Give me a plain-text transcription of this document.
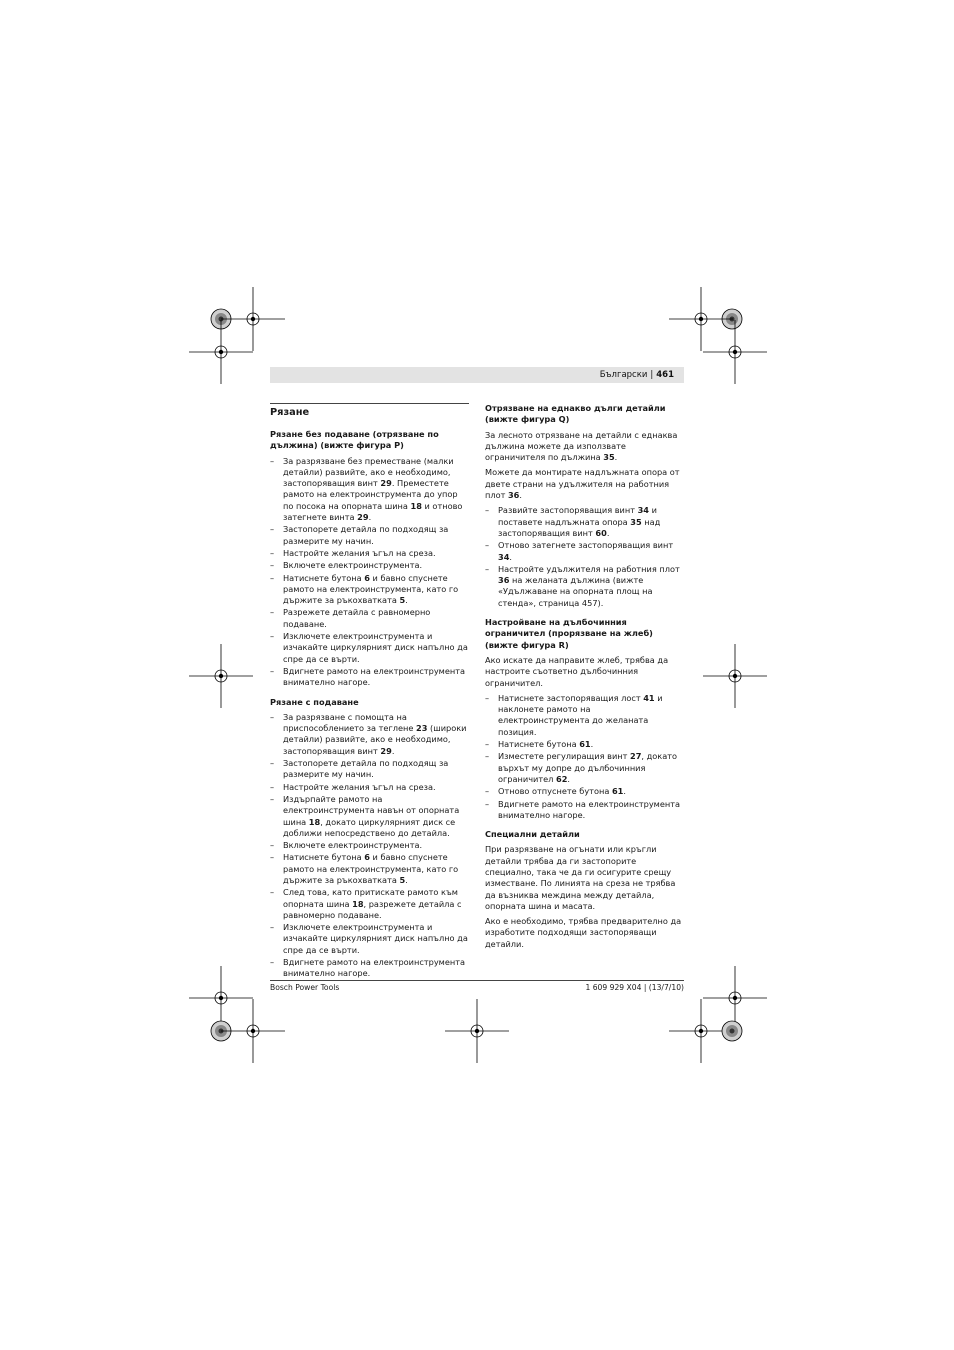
Български | 461
Рязане
Рязане без подаване (отрязване по дължина) (вижте фигура P)
– За разрязване без преместване (малки детайли) развийте, ако е необходимо, застопоряващия винт 29. Преместете рамото на електроинструмента до упор по посока на опорната шина 18 и отново затегнете винта 29.
– Застопорете детайла по подходящ за размерите му начин.
– Настройте желания ъгъл на среза.
– Включете електроинструмента.
– Натиснете бутона 6 и бавно спуснете рамото на електроинструмента, като го държите за ръкохватката 5.
– Разрежете детайла с равномерно подаване.
– Изключете електроинструмента и изчакайте циркулярният диск напълно да спре да се върти.
– Вдигнете рамото на електроинструмента внимателно нагоре.
Рязане с подаване
– За разрязване с помощта на приспособлението за теглене 23 (широки детайли) развийте, ако е необходимо, застопоряващия винт 29.
– Застопорете детайла по подходящ за размерите му начин.
– Настройте желания ъгъл на среза.
– Издърпайте рамото на електроинструмента навън от опорната шина 18, докато циркулярният диск се доближи непосредствено до детайла.
– Включете електроинструмента.
– Натиснете бутона 6 и бавно спуснете рамото на електроинструмента, като го държите за ръкохватката 5.
– След това, като притискате рамото към опорната шина 18, разрежете детайла с равномерно подаване.
– Изключете електроинструмента и изчакайте циркулярният диск напълно да спре да се върти.
– Вдигнете рамото на електроинструмента внимателно нагоре.
Отрязване на еднакво дълги детайли (вижте фигура Q)
За лесното отрязване на детайли с еднаква дължина можете да използвате ограничителя по дължина 35.
Можете да монтирате надлъжната опора от двете страни на удължителя на работния плот 36.
– Развийте застопоряващия винт 34 и поставете надлъжната опора 35 над застопоряващия винт 60.
– Отново затегнете застопоряващия винт 34.
– Настройте удължителя на работния плот 36 на желаната дължина (вижте «Удължаване на опорната площ на стенда», страница 457).
Настройване на дълбочинния ограничител (прорязване на жлеб) (вижте фигура R)
Ако искате да направите жлеб, трябва да настроите съответно дълбочинния ограничител.
– Натиснете застопоряващия лост 41 и наклонете рамото на електроинструмента до желаната позиция.
– Натиснете бутона 61.
– Изместете регулиращия винт 27, докато върхът му допре до дълбочинния ограничител 62.
– Отново отпуснете бутона 61.
– Вдигнете рамото на електроинструмента внимателно нагоре.
Специални детайли
При разрязване на огънати или кръгли детайли трябва да ги застопорите специално, така че да ги осигурите срещу изместване. По линията на среза не трябва да възниква междина между детайла, опорната шина и масата.
Ако е необходимо, трябва предварително да изработите подходящи застопоряващи детайли.
Bosch Power Tools	1 609 929 X04 | (13/7/10)
